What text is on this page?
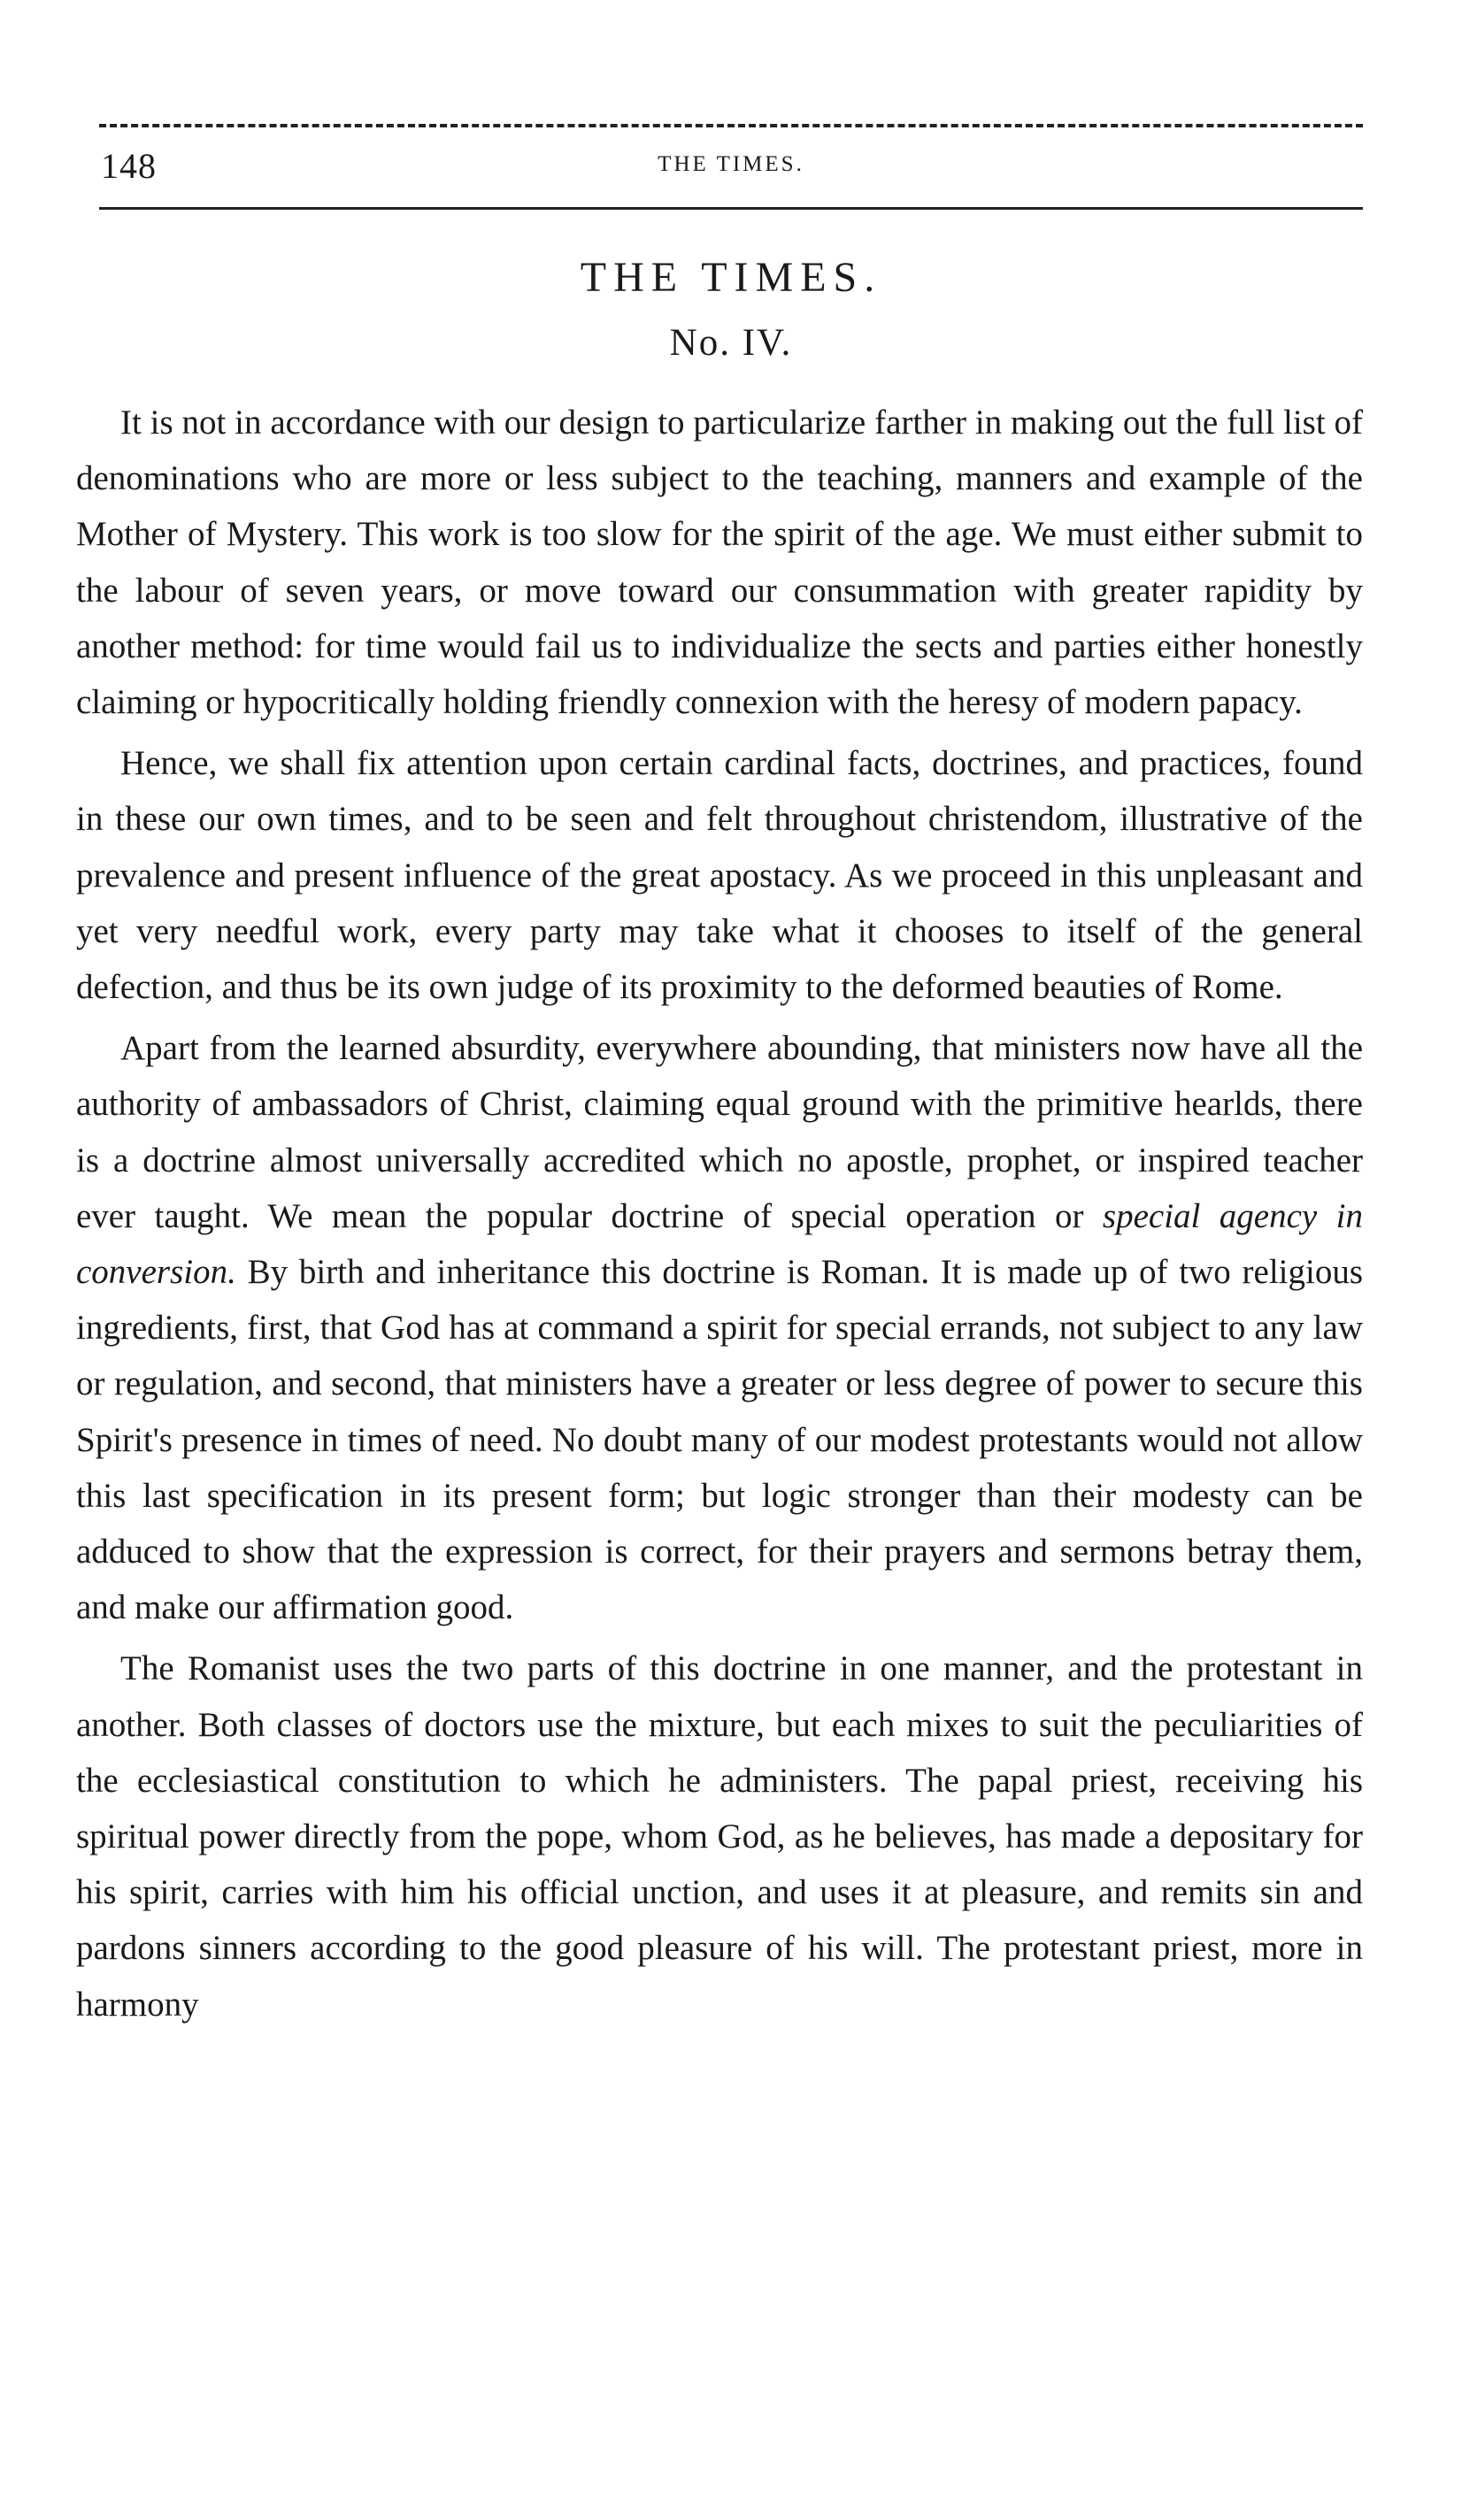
148	THE TIMES.
THE TIMES.
No. IV.

It is not in accordance with our design to particularize farther in making out the full list of denominations who are more or less subject to the teaching, manners and example of the Mother of Mystery. This work is too slow for the spirit of the age. We must either submit to the labour of seven years, or move toward our consummation with greater rapidity by another method: for time would fail us to individualize the sects and parties either honestly claiming or hypocritically holding friendly connexion with the heresy of modern papacy.

Hence, we shall fix attention upon certain cardinal facts, doctrines, and practices, found in these our own times, and to be seen and felt throughout christendom, illustrative of the prevalence and present influence of the great apostacy. As we proceed in this unpleasant and yet very needful work, every party may take what it chooses to itself of the general defection, and thus be its own judge of its proximity to the deformed beauties of Rome.

Apart from the learned absurdity, everywhere abounding, that ministers now have all the authority of ambassadors of Christ, claiming equal ground with the primitive hearlds, there is a doctrine almost universally accredited which no apostle, prophet, or inspired teacher ever taught. We mean the popular doctrine of special operation or special agency in conversion. By birth and inheritance this doctrine is Roman. It is made up of two religious ingredients, first, that God has at command a spirit for special errands, not subject to any law or regulation, and second, that ministers have a greater or less degree of power to secure this Spirit's presence in times of need. No doubt many of our modest protestants would not allow this last specification in its present form; but logic stronger than their modesty can be adduced to show that the expression is correct, for their prayers and sermons betray them, and make our affirmation good.

The Romanist uses the two parts of this doctrine in one manner, and the protestant in another. Both classes of doctors use the mixture, but each mixes to suit the peculiarities of the ecclesiastical constitution to which he administers. The papal priest, receiving his spiritual power directly from the pope, whom God, as he believes, has made a depositary for his spirit, carries with him his official unction, and uses it at pleasure, and remits sin and pardons sinners according to the good pleasure of his will. The protestant priest, more in harmony
